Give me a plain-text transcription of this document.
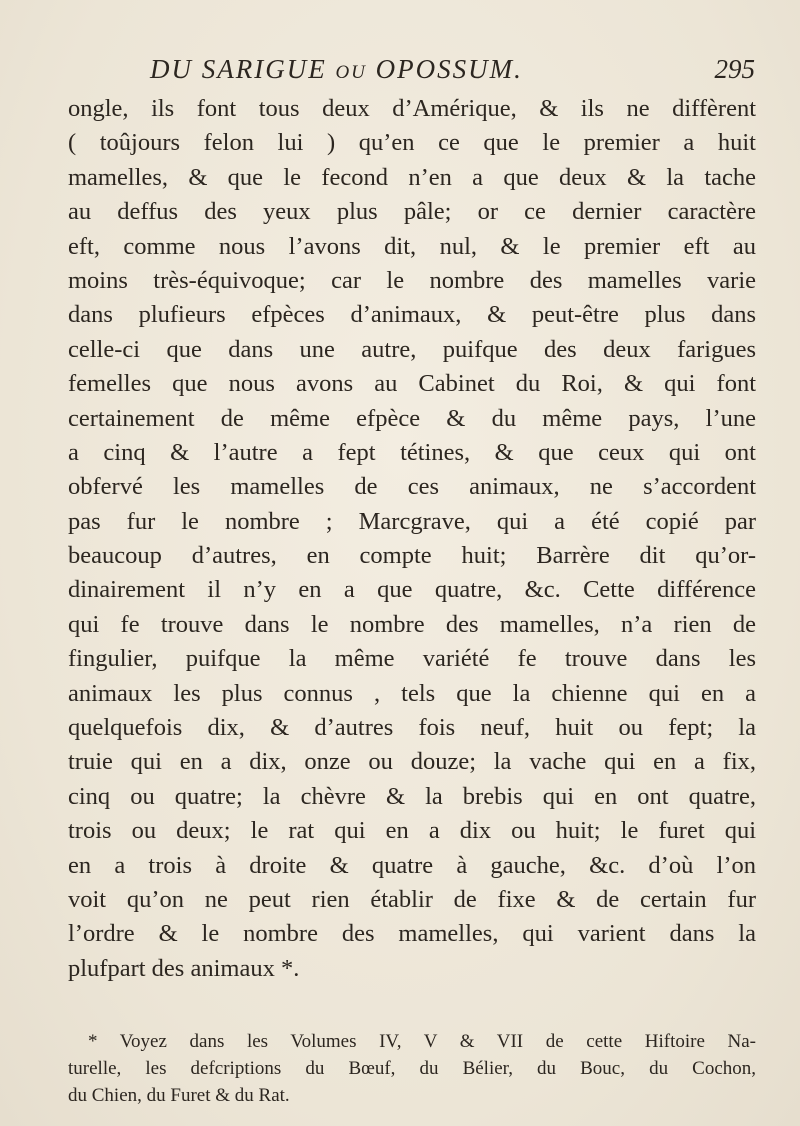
DU SARIGUE ou OPOSSUM.	295
ongle, ils font tous deux d’Amérique, & ils ne diffèrent
( toûjours felon lui ) qu’en ce que le premier a huit
mamelles, & que le fecond n’en a que deux & la tache
au deffus des yeux plus pâle; or ce dernier caractère
eft, comme nous l’avons dit, nul, & le premier eft au
moins très-équivoque; car le nombre des mamelles varie
dans plufieurs efpèces d’animaux, & peut-être plus dans
celle-ci que dans une autre, puifque des deux farigues
femelles que nous avons au Cabinet du Roi, & qui font
certainement de même efpèce & du même pays, l’une
a cinq & l’autre a fept tétines, & que ceux qui ont
obfervé les mamelles de ces animaux, ne s’accordent
pas fur le nombre ; Marcgrave, qui a été copié par
beaucoup d’autres, en compte huit; Barrère dit qu’or-
dinairement il n’y en a que quatre, &c. Cette différence
qui fe trouve dans le nombre des mamelles, n’a rien de
fingulier, puifque la même variété fe trouve dans les
animaux les plus connus , tels que la chienne qui en a
quelquefois dix, & d’autres fois neuf, huit ou fept; la
truie qui en a dix, onze ou douze; la vache qui en a fix,
cinq ou quatre; la chèvre & la brebis qui en ont quatre,
trois ou deux; le rat qui en a dix ou huit; le furet qui
en a trois à droite & quatre à gauche, &c. d’où l’on
voit qu’on ne peut rien établir de fixe & de certain fur
l’ordre & le nombre des mamelles, qui varient dans la
plufpart des animaux *.
* Voyez dans les Volumes IV, V & VII de cette Hiftoire Na-
turelle, les defcriptions du Bœuf, du Bélier, du Bouc, du Cochon,
du Chien, du Furet & du Rat.
